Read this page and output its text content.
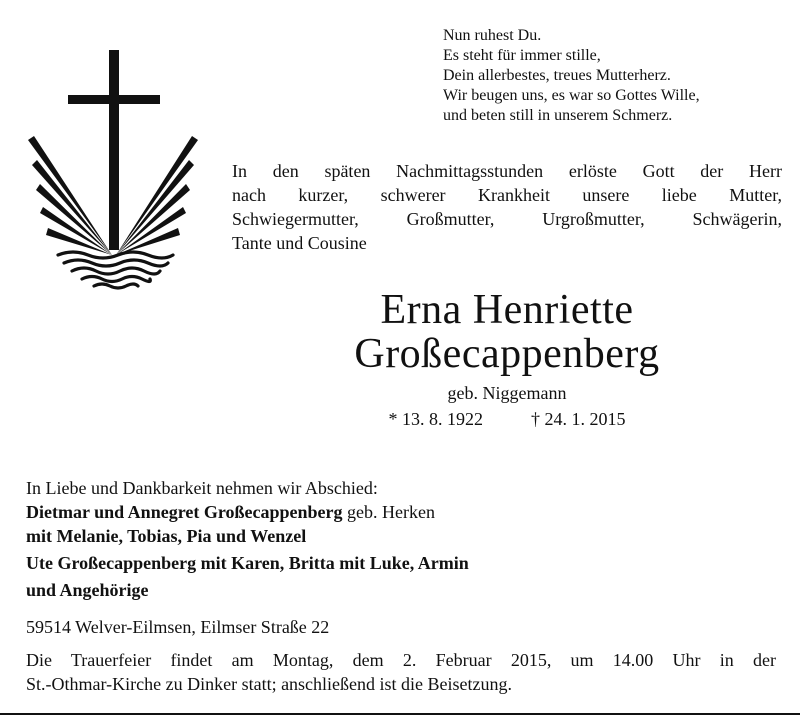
Nun ruhest Du.
Es steht für immer stille,
Dein allerbestes, treues Mutterherz.
Wir beugen uns, es war so Gottes Wille,
und beten still in unserem Schmerz.
In den späten Nachmittagsstunden erlöste Gott der Herr
nach kurzer, schwerer Krankheit unsere liebe Mutter,
Schwiegermutter, Großmutter, Urgroßmutter, Schwägerin,
Tante und Cousine
Erna Henriette
Großecappenberg
geb. Niggemann
* 13. 8. 1922	† 24. 1. 2015
In Liebe und Dankbarkeit nehmen wir Abschied:
Dietmar und Annegret Großecappenberg geb. Herken
mit Melanie, Tobias, Pia und Wenzel
Ute Großecappenberg mit Karen, Britta mit Luke, Armin
und Angehörige
59514 Welver-Eilmsen, Eilmser Straße 22
Die Trauerfeier findet am Montag, dem 2. Februar 2015, um 14.00 Uhr in der
St.-Othmar-Kirche zu Dinker statt; anschließend ist die Beisetzung.
